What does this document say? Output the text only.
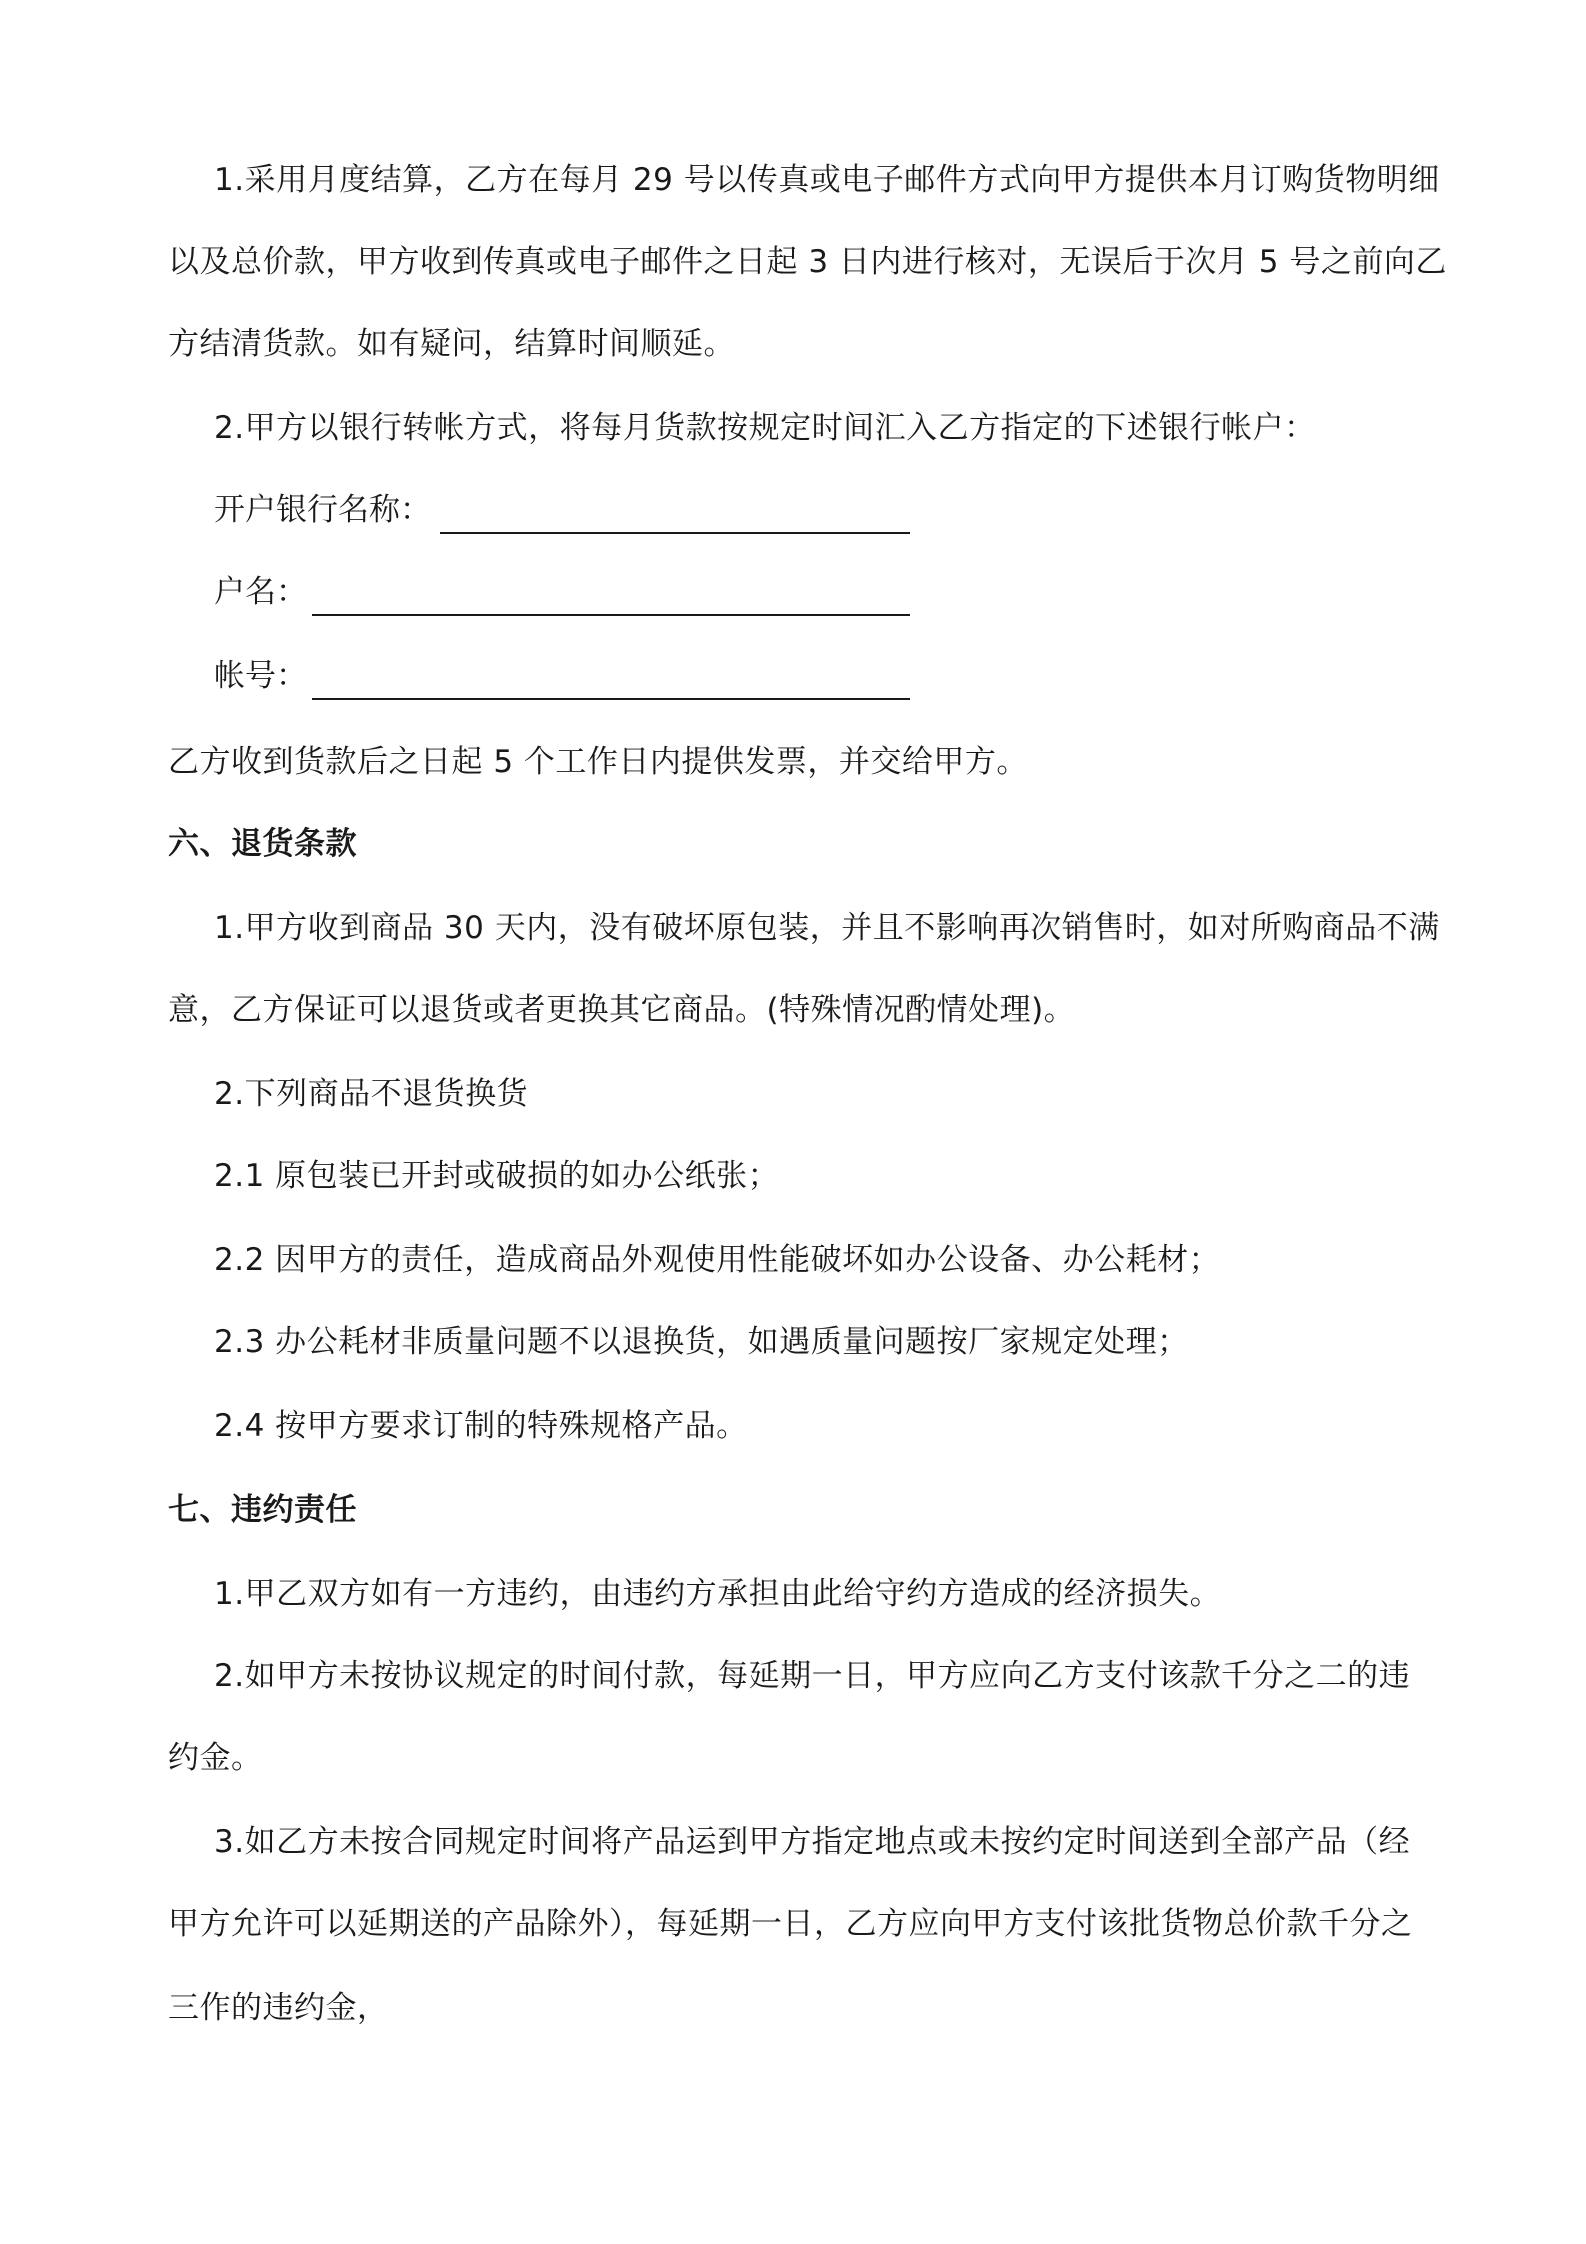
1.采用月度结算，乙方在每月 29 号以传真或电子邮件方式向甲方提供本月订购货物明细
以及总价款，甲方收到传真或电子邮件之日起 3 日内进行核对，无误后于次月 5 号之前向乙
方结清货款。如有疑问，结算时间顺延。
2.甲方以银行转帐方式，将每月货款按规定时间汇入乙方指定的下述银行帐户：
开户银行名称：
户名：
帐号：
乙方收到货款后之日起 5 个工作日内提供发票，并交给甲方。
六、退货条款
1.甲方收到商品 30 天内，没有破坏原包装，并且不影响再次销售时，如对所购商品不满
意，乙方保证可以退货或者更换其它商品。(特殊情况酌情处理)。
2.下列商品不退货换货
2.1 原包装已开封或破损的如办公纸张；
2.2 因甲方的责任，造成商品外观使用性能破坏如办公设备、办公耗材；
2.3 办公耗材非质量问题不以退换货，如遇质量问题按厂家规定处理；
2.4 按甲方要求订制的特殊规格产品。
七、违约责任
1.甲乙双方如有一方违约，由违约方承担由此给守约方造成的经济损失。
2.如甲方未按协议规定的时间付款，每延期一日，甲方应向乙方支付该款千分之二的违
约金。
3.如乙方未按合同规定时间将产品运到甲方指定地点或未按约定时间送到全部产品（经
甲方允许可以延期送的产品除外），每延期一日，乙方应向甲方支付该批货物总价款千分之
三作的违约金，
